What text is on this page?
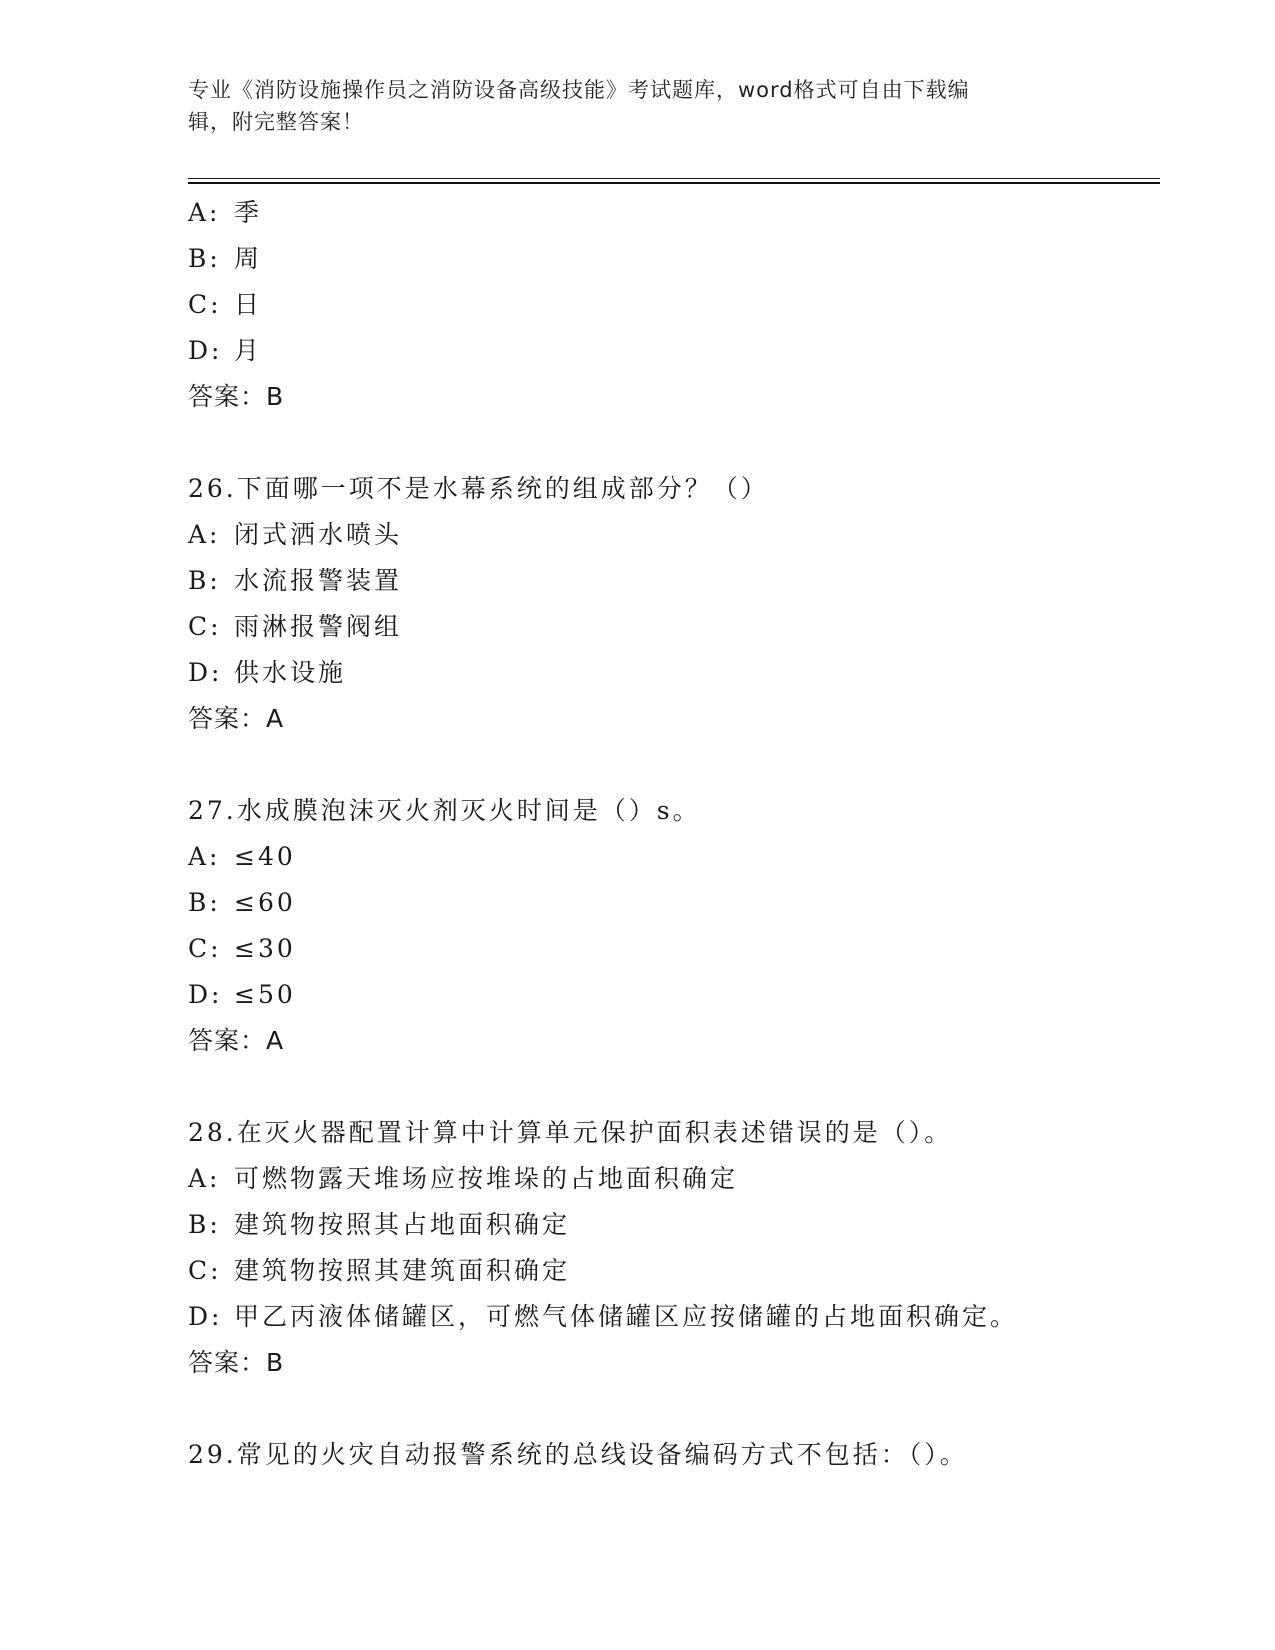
专业《消防设施操作员之消防设备高级技能》考试题库，word格式可自由下载编
辑，附完整答案！
A: 季
B: 周
C: 日
D: 月
答案：B
26.下面哪一项不是水幕系统的组成部分？（）
A: 闭式洒水喷头
B: 水流报警装置
C: 雨淋报警阀组
D: 供水设施
答案：A
27.水成膜泡沫灭火剂灭火时间是（）s。
A: ≤40
B: ≤60
C: ≤30
D: ≤50
答案：A
28.在灭火器配置计算中计算单元保护面积表述错误的是（）。
A: 可燃物露天堆场应按堆垛的占地面积确定
B: 建筑物按照其占地面积确定
C: 建筑物按照其建筑面积确定
D: 甲乙丙液体储罐区，可燃气体储罐区应按储罐的占地面积确定。
答案：B
29.常见的火灾自动报警系统的总线设备编码方式不包括：（）。
